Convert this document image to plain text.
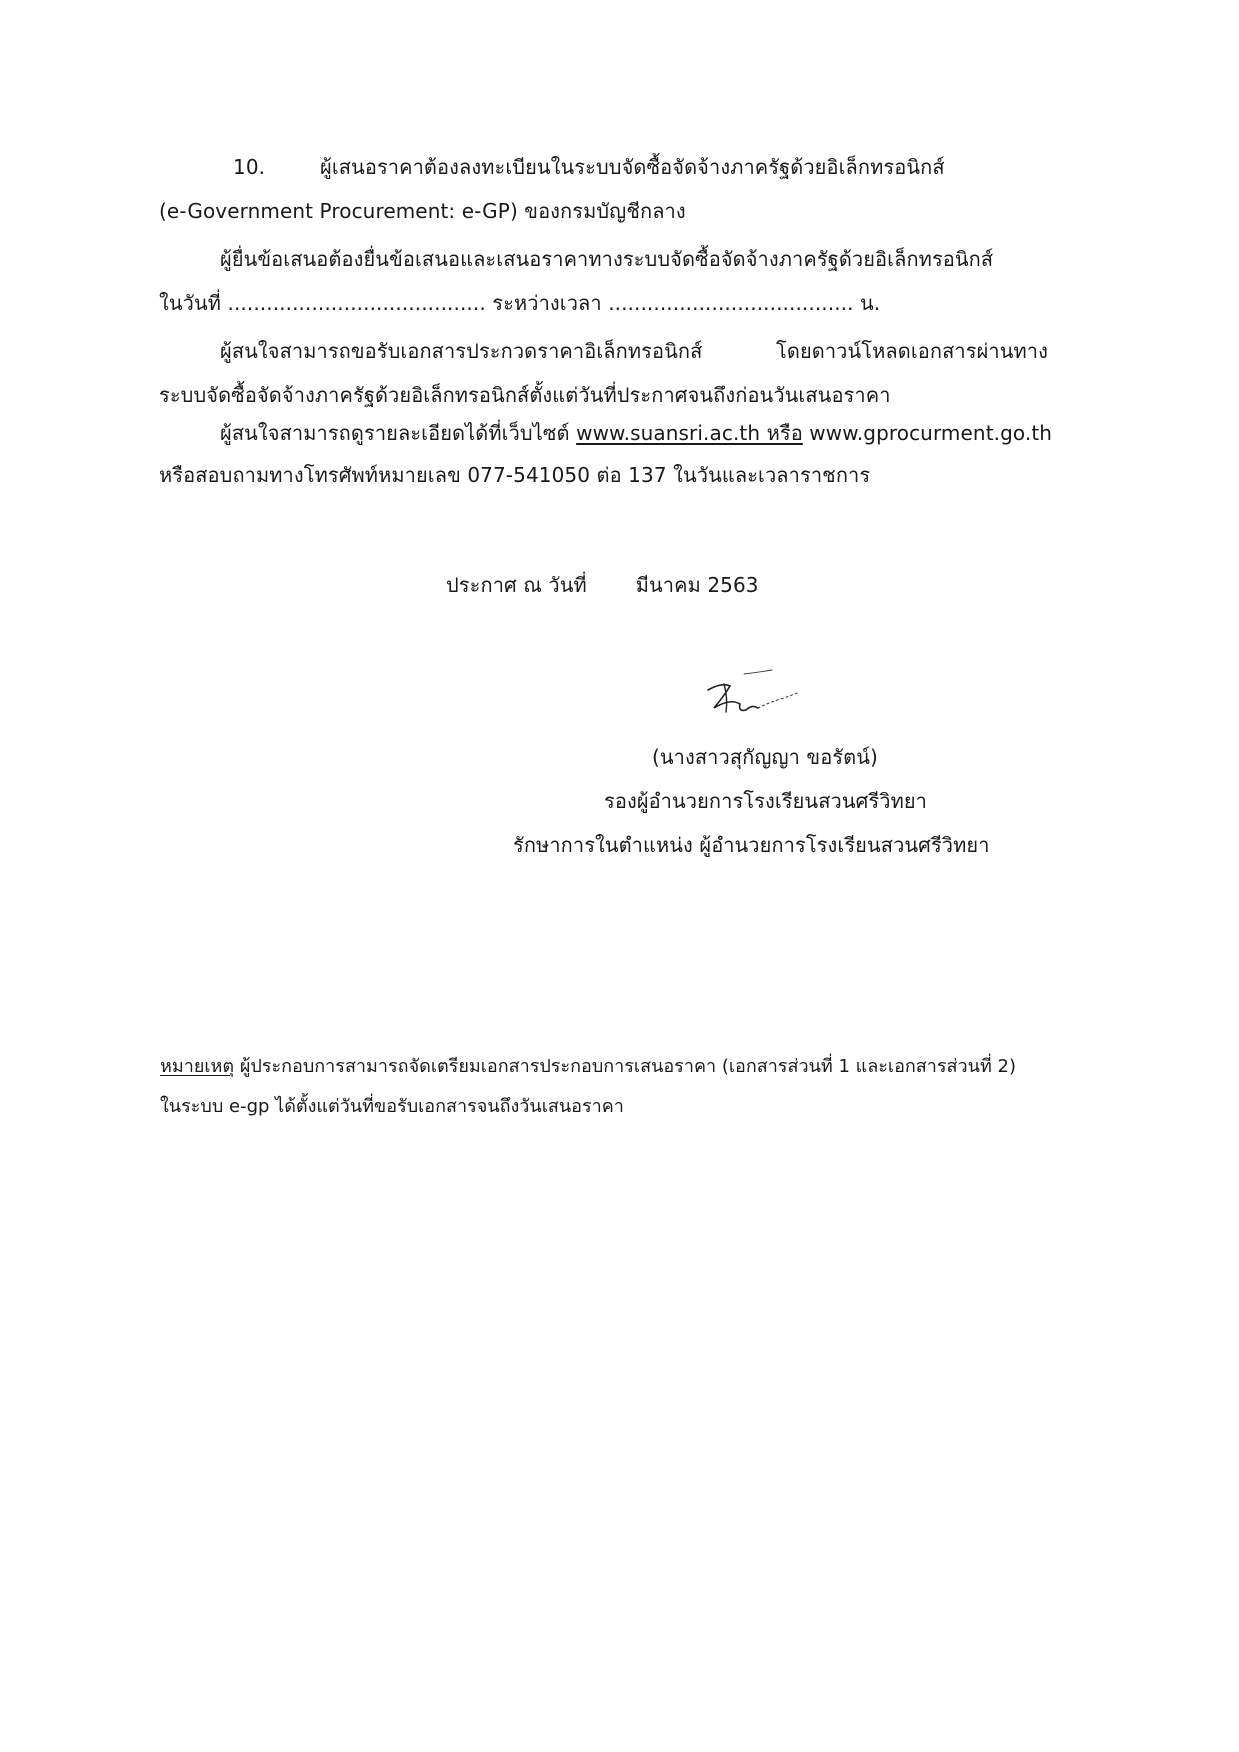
10.	ผู้เสนอราคาต้องลงทะเบียนในระบบจัดซื้อจัดจ้างภาครัฐด้วยอิเล็กทรอนิกส์
(e-Government Procurement: e-GP) ของกรมบัญชีกลาง
ผู้ยื่นข้อเสนอต้องยื่นข้อเสนอและเสนอราคาทางระบบจัดซื้อจัดจ้างภาครัฐด้วยอิเล็กทรอนิกส์
ในวันที่ ........................................ ระหว่างเวลา ...................................... น.
ผู้สนใจสามารถขอรับเอกสารประกวดราคาอิเล็กทรอนิกส์ โดยดาวน์โหลดเอกสารผ่านทาง
ระบบจัดซื้อจัดจ้างภาครัฐด้วยอิเล็กทรอนิกส์ตั้งแต่วันที่ประกาศจนถึงก่อนวันเสนอราคา
ผู้สนใจสามารถดูรายละเอียดได้ที่เว็บไซต์ www.suansri.ac.th หรือ www.gprocurment.go.th
หรือสอบถามทางโทรศัพท์หมายเลข 077-541050 ต่อ 137 ในวันและเวลาราชการ
ประกาศ ณ วันที่ มีนาคม 2563
(นางสาวสุกัญญา ขอรัตน์)
รองผู้อำนวยการโรงเรียนสวนศรีวิทยา
รักษาการในตำแหน่ง ผู้อำนวยการโรงเรียนสวนศรีวิทยา
หมายเหตุ ผู้ประกอบการสามารถจัดเตรียมเอกสารประกอบการเสนอราคา (เอกสารส่วนที่ 1 และเอกสารส่วนที่ 2)
ในระบบ e-gp ได้ตั้งแต่วันที่ขอรับเอกสารจนถึงวันเสนอราคา
